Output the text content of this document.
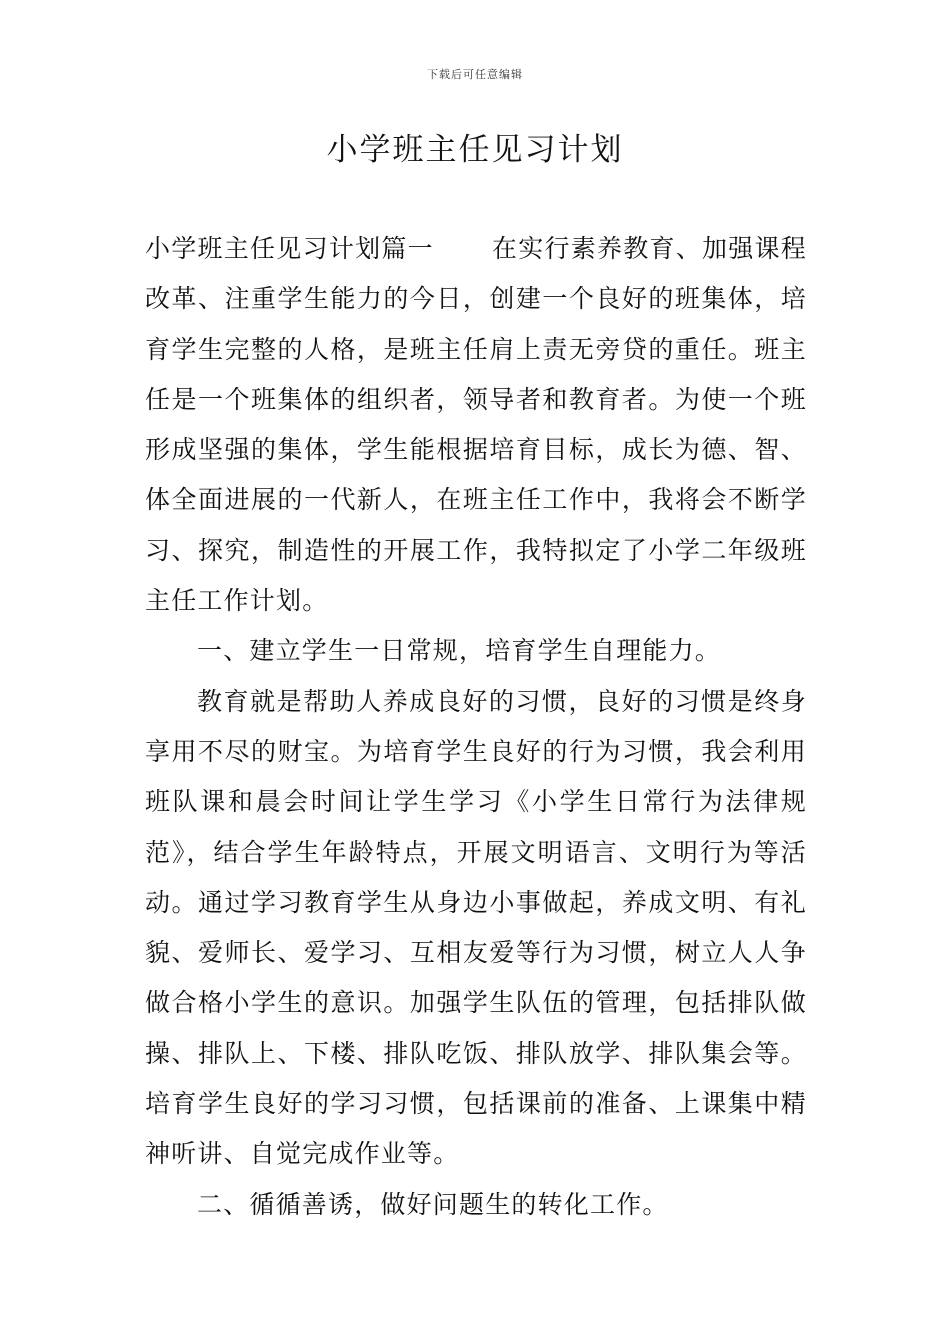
下载后可任意编辑
小学班主任见习计划

小学班主任见习计划篇一 在实行素养教育、加强课程改革、注重学生能力的今日，创建一个良好的班集体，培育学生完整的人格，是班主任肩上责无旁贷的重任。班主任是一个班集体的组织者，领导者和教育者。为使一个班形成坚强的集体，学生能根据培育目标，成长为德、智、体全面进展的一代新人，在班主任工作中，我将会不断学习、探究，制造性的开展工作，我特拟定了小学二年级班主任工作计划。

一、建立学生一日常规，培育学生自理能力。

教育就是帮助人养成良好的习惯，良好的习惯是终身享用不尽的财宝。为培育学生良好的行为习惯，我会利用班队课和晨会时间让学生学习《小学生日常行为法律规范》，结合学生年龄特点，开展文明语言、文明行为等活动。通过学习教育学生从身边小事做起，养成文明、有礼貌、爱师长、爱学习、互相友爱等行为习惯，树立人人争做合格小学生的意识。加强学生队伍的管理，包括排队做操、排队上、下楼、排队吃饭、排队放学、排队集会等。培育学生良好的学习习惯，包括课前的准备、上课集中精神听讲、自觉完成作业等。

二、循循善诱，做好问题生的转化工作。
